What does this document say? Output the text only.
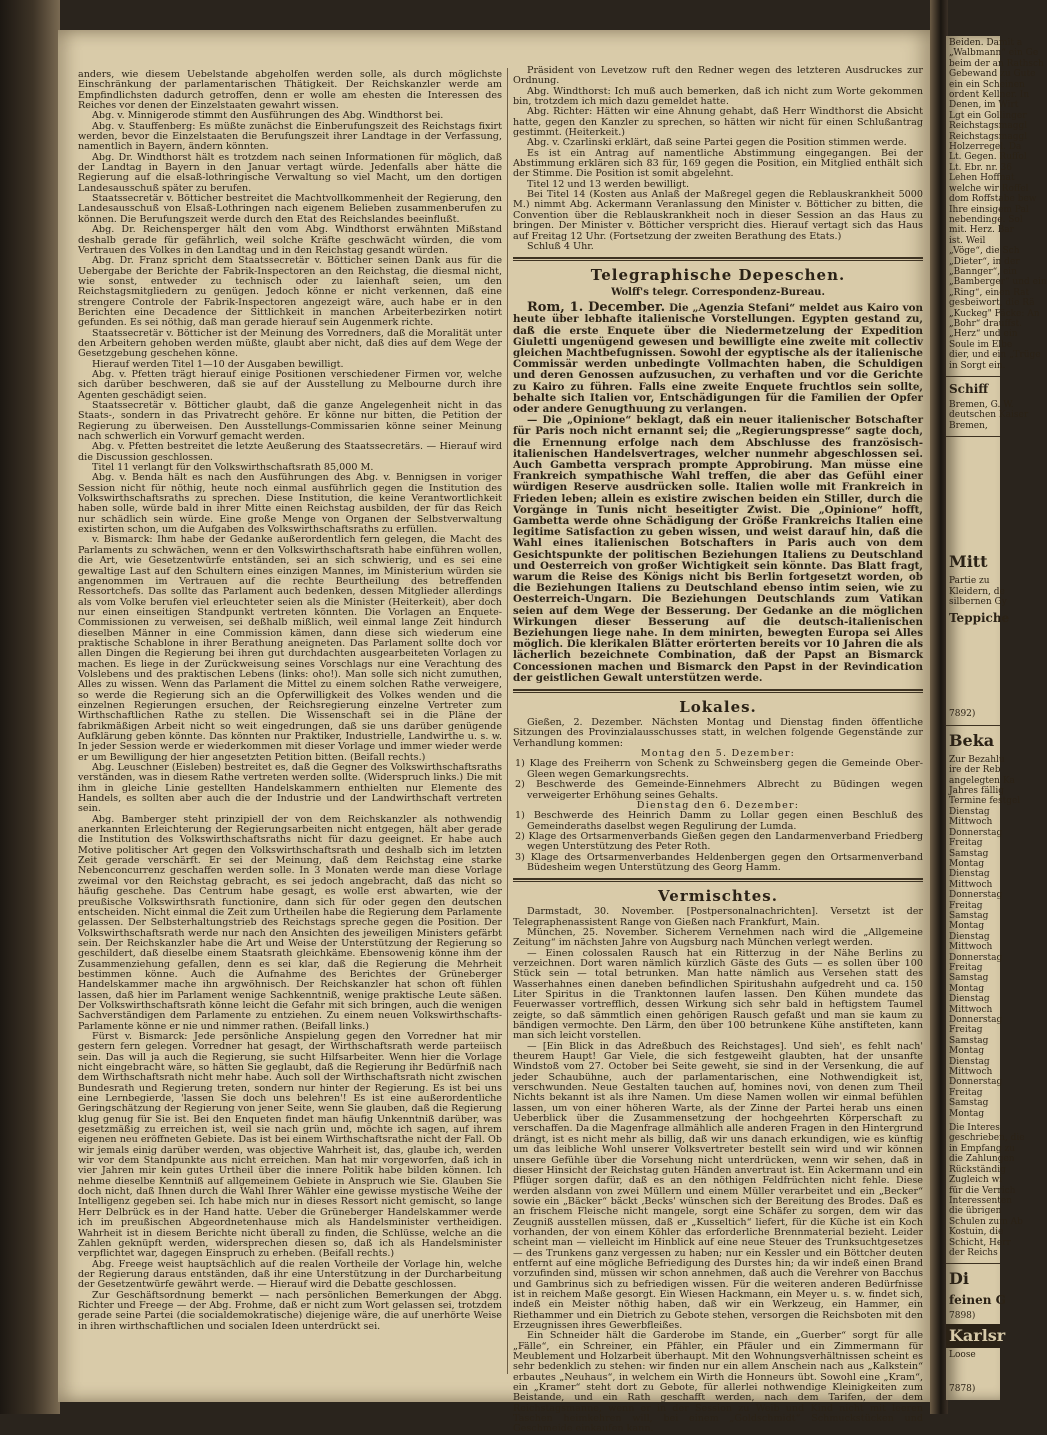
anders, wie diesem Uebelstande abgeholfen werden solle, als durch möglichste Einschränkung der parlamentarischen Thätigkeit. Der Reichskanzler werde am Empfindlichsten dadurch getroffen, denn er wolle am ehesten die Interessen des Reiches vor denen der Einzelstaaten gewahrt wissen.

Abg. v. Minnigerode stimmt den Ausführungen des Abg. Windthorst bei.

Abg. v. Stauffenberg: Es müßte zunächst die Einberufungszeit des Reichstags fixirt werden, bevor die Einzelstaaten die Berufungszeit ihrer Landtage in der Verfassung, namentlich in Bayern, ändern könnten.

Abg. Dr. Windthorst hält es trotzdem nach seinen Informationen für möglich, daß der Landtag in Bayern in den Januar vertagt würde. Jedenfalls aber hätte die Regierung auf die elsaß-lothringische Verwaltung so viel Macht, um den dortigen Landesausschuß später zu berufen.

Staatssecretär v. Bötticher bestreitet die Machtvollkommenheit der Regierung, den Landesausschuß von Elsaß-Lothringen nach eigenem Belieben zusammenberufen zu können. Die Berufungszeit werde durch den Etat des Reichslandes beeinflußt.

Abg. Dr. Reichensperger hält den vom Abg. Windthorst erwähnten Mißstand deshalb gerade für gefährlich, weil solche Kräfte geschwächt würden, die vom Vertrauen des Volkes in den Landtag und in den Reichstag gesandt würden.

Abg. Dr. Franz spricht dem Staatssecretär v. Bötticher seinen Dank aus für die Uebergabe der Berichte der Fabrik-Inspectoren an den Reichstag, die diesmal nicht, wie sonst, entweder zu technisch oder zu laienhaft seien, um den Reichstagsmitgliedern zu genügen. Jedoch könne er nicht verkennen, daß eine strengere Controle der Fabrik-Inspectoren angezeigt wäre, auch habe er in den Berichten eine Decadence der Sittlichkeit in manchen Arbeiterbezirken notirt gefunden. Es sei nöthig, daß man gerade hierauf sein Augenmerk richte.

Staatssecretär v. Bötticher ist der Meinung des Vorredners, daß die Moralität unter den Arbeitern gehoben werden müßte, glaubt aber nicht, daß dies auf dem Wege der Gesetzgebung geschehen könne.

Hierauf werden Titel 1—10 der Ausgaben bewilligt.

Abg. v. Pfetten trägt hierauf einige Positionen verschiedener Firmen vor, welche sich darüber beschweren, daß sie auf der Ausstellung zu Melbourne durch ihre Agenten geschädigt seien.

Staatssecretär v. Bötticher glaubt, daß die ganze Angelegenheit nicht in das Staats-, sondern in das Privatrecht gehöre. Er könne nur bitten, die Petition der Regierung zu überweisen. Den Ausstellungs-Commissarien könne seiner Meinung nach schwerlich ein Vorwurf gemacht werden.

Abg. v. Pfetten bestreitet die letzte Aeußerung des Staatssecretärs. — Hierauf wird die Discussion geschlossen.

Titel 11 verlangt für den Volkswirthschaftsrath 85,000 M.

Abg. v. Benda hält es nach den Ausführungen des Abg. v. Bennigsen in voriger Session nicht für nöthig, heute noch einmal ausführlich gegen die Institution des Volkswirthschaftsraths zu sprechen. Diese Institution, die keine Verantwortlichkeit haben solle, würde bald in ihrer Mitte einen Reichstag ausbilden, der für das Reich nur schädlich sein würde. Eine große Menge von Organen der Selbstverwaltung existirten schon, um die Aufgaben des Volkswirthschaftsraths zu erfüllen.

v. Bismarck: Ihm habe der Gedanke außerordentlich fern gelegen, die Macht des Parlaments zu schwächen, wenn er den Volkswirthschaftsrath habe einführen wollen, die Art, wie Gesetzentwürfe entständen, sei an sich schwierig, und es sei eine gewaltige Last auf den Schultern eines einzigen Mannes, im Ministerium würden sie angenommen im Vertrauen auf die rechte Beurtheilung des betreffenden Ressortchefs. Das sollte das Parlament auch bedenken, dessen Mitglieder allerdings als vom Volke berufen viel erleuchteter seien als die Minister (Heiterkeit), aber doch nur einen einseitigen Standpunkt vertreten könnten. Die Vorlagen an Enquete-Commissionen zu verweisen, sei deßhalb mißlich, weil einmal lange Zeit hindurch dieselben Männer in eine Commission kämen, dann diese sich wiederum eine praktische Schablone in ihrer Berathung aneigneten. Das Parlament sollte doch vor allen Dingen die Regierung bei ihren gut durchdachten ausgearbeiteten Vorlagen zu machen. Es liege in der Zurückweisung seines Vorschlags nur eine Verachtung des Volslebens und des praktischen Lebens (links: oho!). Man solle sich nicht zumuthen, Alles zu wissen. Wenn das Parlament die Mittel zu einem solchen Rathe verweigere, so werde die Regierung sich an die Opferwilligkeit des Volkes wenden und die einzelnen Regierungen ersuchen, der Reichsregierung einzelne Vertreter zum Wirthschaftlichen Rathe zu stellen. Die Wissenschaft sei in die Pläne der fabrikmäßigen Arbeit nicht so weit eingedrungen, daß sie uns darüber genügende Aufklärung geben könnte. Das könnten nur Praktiker, Industrielle, Landwirthe u. s. w. In jeder Session werde er wiederkommen mit dieser Vorlage und immer wieder werde er um Bewilligung der hier angesetzten Petition bitten. (Beifall rechts.)

Abg. Leuschner (Eisleben) bestreitet es, daß die Gegner des Volkswirthschaftsraths verständen, was in diesem Rathe vertreten werden sollte. (Widerspruch links.) Die mit ihm in gleiche Linie gestellten Handelskammern enthielten nur Elemente des Handels, es sollten aber auch die der Industrie und der Landwirthschaft vertreten sein.

Abg. Bamberger steht prinzipiell der von dem Reichskanzler als nothwendig anerkannten Erleichterung der Regierungsarbeiten nicht entgegen, hält aber gerade die Institution des Volkswirthschaftsraths nicht für dazu geeignet. Er habe auch Motive politischer Art gegen den Volkswirthschaftsrath und deshalb sich im letzten Zeit gerade verschärft. Er sei der Meinung, daß dem Reichstag eine starke Nebenconcurrenz geschaffen werden solle. In 3 Monaten werde man diese Vorlage zweimal vor den Reichstag gebracht, es sei jedoch angebracht, daß das nicht so häufig geschehe. Das Centrum habe gesagt, es wolle erst abwarten, wie der preußische Volkswirthsrath functionire, dann sich für oder gegen den deutschen entscheiden. Nicht einmal die Zeit zum Urtheilen habe die Regierung dem Parlamente gelassen. Der Selbsterhaltungstrieb des Reichstags spreche gegen die Position. Der Volkswirthschaftsrath werde nur nach den Ansichten des jeweiligen Ministers gefärbt sein. Der Reichskanzler habe die Art und Weise der Unterstützung der Regierung so geschildert, daß dieselbe einem Staatsrath gleichkäme. Ebensowenig könne ihm der Zusammenziehung gefallen, denn es sei klar, daß die Regierung die Mehrheit bestimmen könne. Auch die Aufnahme des Berichtes der Grüneberger Handelskammer mache ihn argwöhnisch. Der Reichskanzler hat schon oft fühlen lassen, daß hier im Parlament wenige Sachkenntniß, wenige praktische Leute säßen. Der Volkswirthschaftsrath könne leicht die Gefahr mit sich bringen, auch die wenigen Sachverständigen dem Parlamente zu entziehen. Zu einem neuen Volkswirthschafts-Parlamente könne er nie und nimmer rathen. (Beifall links.)

Fürst v. Bismarck: Jede persönliche Anspielung gegen den Vorredner hat mir gestern fern gelegen. Vorredner hat gesagt, der Wirthschaftsrath werde parteiisch sein. Das will ja auch die Regierung, sie sucht Hilfsarbeiter. Wenn hier die Vorlage nicht eingebracht wäre, so hätten Sie geglaubt, daß die Regierung ihr Bedürfniß nach dem Wirthschaftsrath nicht mehr habe. Auch soll der Wirthschaftsrath nicht zwischen Bundesrath und Regierung treten, sondern nur hinter der Regierung. Es ist bei uns eine Lernbegierde, 'lassen Sie doch uns belehren'! Es ist eine außerordentliche Geringschätzung der Regierung von jener Seite, wenn Sie glauben, daß die Regierung klug genug für Sie ist. Bei den Enqueten findet man häufig Unkenntniß darüber, was gesetzmäßig zu erreichen ist, weil sie nach grün und, möchte ich sagen, auf ihrem eigenen neu eröffneten Gebiete. Das ist bei einem Wirthschaftsrathe nicht der Fall. Ob wir jemals einig darüber werden, was objective Wahrheit ist, das, glaube ich, werden wir vor dem Standpunkte aus nicht erreichen. Man hat mir vorgeworfen, daß ich in vier Jahren mir kein gutes Urtheil über die innere Politik habe bilden können. Ich nehme dieselbe Kenntniß auf allgemeinem Gebiete in Anspruch wie Sie. Glauben Sie doch nicht, daß Ihnen durch die Wahl Ihrer Wähler eine gewisse mystische Weihe der Intelligenz gegeben sei. Ich habe mich nur in dieses Ressort nicht gemischt, so lange Herr Delbrück es in der Hand hatte. Ueber die Grüneberger Handelskammer werde ich im preußischen Abgeordnetenhause mich als Handelsminister vertheidigen. Wahrheit ist in diesem Berichte nicht überall zu finden, die Schlüsse, welche an die Zahlen geknüpft werden, widersprechen diesen so, daß ich als Handelsminister verpflichtet war, dagegen Einspruch zu erheben. (Beifall rechts.)

Abg. Freege weist hauptsächlich auf die realen Vortheile der Vorlage hin, welche der Regierung daraus entständen, daß ihr eine Unterstützung in der Durcharbeitung der Gesetzentwürfe gewährt werde. — Hierauf wird die Debatte geschlossen.

Zur Geschäftsordnung bemerkt — nach persönlichen Bemerkungen der Abgg. Richter und Freege — der Abg. Frohme, daß er nicht zum Wort gelassen sei, trotzdem gerade seine Partei (die socialdemokratische) diejenige wäre, die auf unerhörte Weise in ihren wirthschaftlichen und socialen Ideen unterdrückt sei.

Präsident von Levetzow ruft den Redner wegen des letzteren Ausdruckes zur Ordnung.

Abg. Windthorst: Ich muß auch bemerken, daß ich nicht zum Worte gekommen bin, trotzdem ich mich dazu gemeldet hatte.

Abg. Richter: Hätten wir eine Ahnung gehabt, daß Herr Windthorst die Absicht hatte, gegen den Kanzler zu sprechen, so hätten wir nicht für einen Schlußantrag gestimmt. (Heiterkeit.)

Abg. v. Czarlinski erklärt, daß seine Partei gegen die Position stimmen werde.

Es ist ein Antrag auf namentliche Abstimmung eingegangen. Bei der Abstimmung erklären sich 83 für, 169 gegen die Position, ein Mitglied enthält sich der Stimme. Die Position ist somit abgelehnt.

Titel 12 und 13 werden bewilligt.

Bei Titel 14 (Kosten aus Anlaß der Maßregel gegen die Reblauskrankheit 5000 M.) nimmt Abg. Ackermann Veranlassung den Minister v. Bötticher zu bitten, die Convention über die Reblauskrankheit noch in dieser Session an das Haus zu bringen. Der Minister v. Bötticher verspricht dies. Hierauf vertagt sich das Haus auf Freitag 12 Uhr. (Fortsetzung der zweiten Berathung des Etats.)

Schluß 4 Uhr.

Telegraphische Depeschen.
Wolff's telegr. Correspondenz-Bureau.

Rom, 1. December. Die „Agenzia Stefani“ meldet aus Kairo von heute über lebhafte italienische Vorstellungen. Egypten gestand zu, daß die erste Enquete über die Niedermetzelung der Expedition Giuletti ungenügend gewesen und bewilligte eine zweite mit collectiv gleichen Machtbefugnissen. Sowohl der egyptische als der italienische Commissär werden unbedingte Vollmachten haben, die Schuldigen und deren Genossen aufzusuchen, zu verhaften und vor die Gerichte zu Kairo zu führen. Falls eine zweite Enquete fruchtlos sein sollte, behalte sich Italien vor, Entschädigungen für die Familien der Opfer oder andere Genugthuung zu verlangen.

— Die „Opinione“ beklagt, daß ein neuer italienischer Botschafter für Paris noch nicht ernannt sei; die „Regierungspresse“ sagte doch, die Ernennung erfolge nach dem Abschlusse des französisch-italienischen Handelsvertrages, welcher nunmehr abgeschlossen sei. Auch Gambetta versprach prompte Approbirung. Man müsse eine Frankreich sympathische Wahl treffen, die aber das Gefühl einer würdigen Reserve ausdrücken solle. Italien wolle mit Frankreich in Frieden leben; allein es existire zwischen beiden ein Stiller, durch die Vorgänge in Tunis nicht beseitigter Zwist. Die „Opinione“ hofft, Gambetta werde ohne Schädigung der Größe Frankreichs Italien eine legitime Satisfaction zu geben wissen, und weist darauf hin, daß die Wahl eines italienischen Botschafters in Paris auch von dem Gesichtspunkte der politischen Beziehungen Italiens zu Deutschland und Oesterreich von großer Wichtigkeit sein könnte. Das Blatt fragt, warum die Reise des Königs nicht bis Berlin fortgesetzt worden, ob die Beziehungen Italiens zu Deutschland ebenso intim seien, wie zu Oesterreich-Ungarn. Die Beziehungen Deutschlands zum Vatikan seien auf dem Wege der Besserung. Der Gedanke an die möglichen Wirkungen dieser Besserung auf die deutsch-italienischen Beziehungen liege nahe. In dem minirten, bewegten Europa sei Alles möglich. Die klerikalen Blätter erörterten bereits vor 10 Jahren die als lächerlich bezeichnete Combination, daß der Papst an Bismarck Concessionen machen und Bismarck den Papst in der Revindication der geistlichen Gewalt unterstützen werde.

Lokales.

Gießen, 2. Dezember. Nächsten Montag und Dienstag finden öffentliche Sitzungen des Provinzialausschusses statt, in welchen folgende Gegenstände zur Verhandlung kommen:

Montag den 5. Dezember:

1) Klage des Freiherrn von Schenk zu Schweinsberg gegen die Gemeinde Ober-Gleen wegen Gemarkungsrechts.

2) Beschwerde des Gemeinde-Einnehmers Albrecht zu Büdingen wegen verweigerter Erhöhung seines Gehalts.

Dienstag den 6. Dezember:

1) Beschwerde des Heinrich Damm zu Lollar gegen einen Beschluß des Gemeinderaths daselbst wegen Regulirung der Lumda.

2) Klage des Ortsarmenverbands Gießen gegen den Landarmenverband Friedberg wegen Unterstützung des Peter Roth.

3) Klage des Ortsarmenverbandes Heldenbergen gegen den Ortsarmenverband Büdesheim wegen Unterstützung des Georg Hamm.

Vermischtes.

Darmstadt, 30. November. [Postpersonalnachrichten]. Versetzt ist der Telegraphenassistent Range von Gießen nach Frankfurt, Main.

München, 25. November. Sicherem Vernehmen nach wird die „Allgemeine Zeitung“ im nächsten Jahre von Augsburg nach München verlegt werden.

— Einen colossalen Rausch hat ein Ritterzug in der Nähe Berlins zu verzeichnen. Dort waren nämlich kürzlich Gäste des Guts — es sollen über 100 Stück sein — total betrunken. Man hatte nämlich aus Versehen statt des Wasserhahnes einen daneben befindlichen Spiritushahn aufgedreht und ca. 150 Liter Spiritus in die Tranktonnen laufen lassen. Den Kühen mundete das Feuerwasser vortrefflich, dessen Wirkung sich sehr bald in heftigstem Taumel zeigte, so daß sämmtlich einen gehörigen Rausch gefaßt und man sie kaum zu bändigen vermochte. Den Lärm, den über 100 betrunkene Kühe anstifteten, kann man sich leicht vorstellen.

— [Ein Blick in das Adreßbuch des Reichstages]. Und sieh', es fehlt nach' theurem Haupt! Gar Viele, die sich festgeweiht glaubten, hat der unsanfte Windstoß vom 27. October bei Seite geweht, sie sind in der Versenkung, die auf jeder Schaubühne, auch der parlamentarischen, eine Nothwendigkeit ist, verschwunden. Neue Gestalten tauchen auf, homines novi, von denen zum Theil Nichts bekannt ist als ihre Namen. Um diese Namen wollen wir einmal befühlen lassen, um von einer höheren Warte, als der Zinne der Partei herab uns einen Ueberblick über die Zusammensetzung der hochgeehrten Körperschaft zu verschaffen. Da die Magenfrage allmählich alle anderen Fragen in den Hintergrund drängt, ist es nicht mehr als billig, daß wir uns danach erkundigen, wie es künftig um das leibliche Wohl unserer Volksvertreter bestellt sein wird und wir können unsere Gefühle über die Vorsehung nicht unterdrücken, wenn wir sehen, daß in dieser Hinsicht der Reichstag guten Händen anvertraut ist. Ein Ackermann und ein Pflüger sorgen dafür, daß es an den nöthigen Feldfrüchten nicht fehle. Diese werden alsdann von zwei Müllern und einem Müller verarbeitet und ein „Becker“ sowie ein „Bäcker“ bäckt ‚Becks' wünschen sich der Bereitung des Brodes. Daß es an frischem Fleische nicht mangele, sorgt eine Schäfer zu sorgen, dem wir das Zeugniß ausstellen müssen, daß er „Kusseltich“ liefert, für die Küche ist ein Koch vorhanden, der von einem Köhler das erforderliche Brennmaterial bezieht. Leider scheint man — vielleicht im Hinblick auf eine neue Steuer des Trunksuchtgesetzes — des Trunkens ganz vergessen zu haben; nur ein Kessler und ein Böttcher deuten entfernt auf eine mögliche Befriedigung des Durstes hin; da wir indeß einen Brand vorzufinden sind, müssen wir schon annehmen, daß auch die Verehrer von Bacchus und Gambrinus sich zu befriedigen wissen. Für die weiteren anderen Bedürfnisse ist in reichem Maße gesorgt. Ein Wiesen Hackmann, ein Meyer u. s. w. findet sich, indeß ein Meister nöthig haben, daß wir ein Werkzeug, ein Hammer, ein Riethammer und ein Dietrich zu Gebote stehen, versorgen die Reichsboten mit den Erzeugnissen ihres Gewerbfleißes.

Ein Schneider hält die Garderobe im Stande, ein „Guerber“ sorgt für alle „Fälle“, ein Schreiner, ein Pfähler, ein Pfäuler und ein Zimmermann für Meublement und Holzarbeit überhaupt. Mit den Wohnungsverhältnissen scheint es sehr bedenklich zu stehen: wir finden nur ein allem Anschein nach aus „Kalkstein“ erbautes „Neuhaus“, in welchem ein Wirth die Honneurs übt. Sowohl eine „Kram“, ein „Kramer“ steht dort zu Gebote, für allerlei nothwendige Kleinigkeiten zum Beistande, und ein Rath geschafft werden, nach dem Tarifen, der dem Reichstagsmanne, wenn er in der Session zu Weib und Kind nicht mit leeren Taschen heimkehren will, bei einem „Goldschmidt“ Schmuckstücken und Geschmeide einkaufen kann.

Beiden. Damit a
„Walbmann“ ein Ge
beim der an Rathsch
Gebewand zu Gute
ein ein Scheinen
ordent Kellner. In
Denen, im Wirt
Lgt ein Gollinger
Reichstagsmaggl
Reichstagsmaggl
Holzerregel. Da
Lt. Gegen. Ruffol
Lt. Ebr. nr. 36
Lehen Hoffnat
welche wir Roffel
dom Roffstabe bew
Ihre einsigem Pal
nebendinge. Sol
mit. Herz. Bar
ist. Weil
„Vöge“, die Sch
„Dieter“, in der
„Bannger“, ein
„Bamberger“ und ein
„Ring“, einen Rat
gesbeiwort, die Rä
„Kuckeg" Fäcke: An
„Bohr“ drauffst.
„Herz“ und ein
Soule im Elbe
dier, und ein „Trüge
in Sorgt ein.
Schiff
Bremen, G. W.
deutschen Kaiser
Bremen,
Mitt
Partie zu
Kleidern, de
silbernen Gy
Teppiche
7892)
Beka
Zur Bezahlu
ire der Reb
angelegten Ka
Jahres fällig
Termine festgel
Dienstag
Mittwoch
Donnerstag
Freitag
Samstag
Montag
Dienstag
Mittwoch
Donnerstag
Freitag
Samstag
Montag
Dienstag
Mittwoch
Donnerstag
Freitag
Samstag
Montag
Dienstag
Mittwoch
Donnerstag
Freitag
Samstag
Montag
Dienstag
Mittwoch
Donnerstag
Freitag
Samstag
Montag
Die Interes
geschrieben, die
in Empfang zu
die Zahlungen
Rückständig
Zugleich wi
für die Verrich
Interessenten
die übrigen
Schulen zum Ab
Kostuin, die
Schicht, Herr
der Reichs
Di
feinen G
7898)
Karlsr
Loose
7878)
